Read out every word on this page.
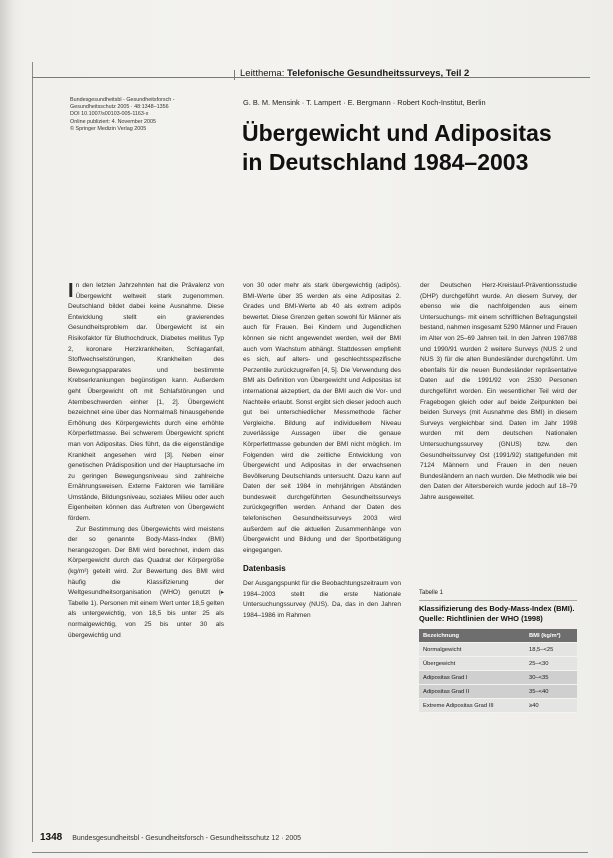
Leitthema: Telefonische Gesundheitssurveys, Teil 2
Bundesgesundheitsbl - Gesundheitsforsch -
Gesundheitsschutz 2005 · 48:1348–1356
DOI 10.1007/s00103-005-1163-x
Online publiziert: 4. November 2005
© Springer Medizin Verlag 2005
G. B. M. Mensink · T. Lampert · E. Bergmann · Robert Koch-Institut, Berlin
Übergewicht und Adipositas
in Deutschland 1984–2003

In den letzten Jahrzehnten hat die Prävalenz von Übergewicht weltweit stark zugenommen. Deutschland bildet dabei keine Ausnahme. Diese Entwicklung stellt ein gravierendes Gesundheitsproblem dar. Übergewicht ist ein Risikofaktor für Bluthochdruck, Diabetes mellitus Typ 2, koronare Herzkrankheiten, Schlaganfall, Stoffwechselstörungen, Krankheiten des Bewegungsapparates und bestimmte Krebserkrankungen begünstigen kann. Außerdem geht Übergewicht oft mit Schlafstörungen und Atembeschwerden einher [1, 2]. Übergewicht bezeichnet eine über das Normalmaß hinausgehende Erhöhung des Körpergewichts durch eine erhöhte Körperfettmasse. Bei schwerem Übergewicht spricht man von Adipositas. Dies führt, da die eigenständige Krankheit angesehen wird [3]. Neben einer genetischen Prädisposition und der Hauptursache im zu geringen Bewegungsniveau sind zahlreiche Ernährungsweisen. Externe Faktoren wie familiäre Umstände, Bildungsniveau, soziales Milieu oder auch Eigenheiten können das Auftreten von Übergewicht fördern.

Zur Bestimmung des Übergewichts wird meistens der so genannte Body-Mass-Index (BMI) herangezogen. Der BMI wird berechnet, indem das Körpergewicht durch das Quadrat der Körpergröße (kg/m²) geteilt wird. Zur Bewertung des BMI wird häufig die Klassifizierung der Weltgesundheitsorganisation (WHO) genutzt (▸ Tabelle 1). Personen mit einem Wert unter 18,5 gelten als untergewichtig, von 18,5 bis unter 25 als normalgewichtig, von 25 bis unter 30 als übergewichtig und

von 30 oder mehr als stark übergewichtig (adipös). BMI-Werte über 35 werden als eine Adipositas 2. Grades und BMI-Werte ab 40 als extrem adipös bewertet. Diese Grenzen gelten sowohl für Männer als auch für Frauen. Bei Kindern und Jugendlichen können sie nicht angewendet werden, weil der BMI auch vom Wachstum abhängt. Stattdessen empfiehlt es sich, auf alters- und geschlechtsspezifische Perzentile zurückzugreifen [4, 5]. Die Verwendung des BMI als Definition von Übergewicht und Adipositas ist international akzeptiert, da der BMI auch die Vor- und Nachteile erlaubt. Sonst ergibt sich dieser jedoch auch gut bei unterschiedlicher Messmethode fächer Vergleiche. Bildung auf individuellem Niveau zuverlässige Aussagen über die genaue Körperfettmasse gebunden der BMI nicht möglich. Im Folgenden wird die zeitliche Entwicklung von Übergewicht und Adipositas in der erwachsenen Bevölkerung Deutschlands untersucht. Dazu kann auf Daten der seit 1984 in mehrjährigen Abständen bundesweit durchgeführten Gesundheitssurveys zurückgegriffen werden. Anhand der Daten des telefonischen Gesundheitssurveys 2003 wird außerdem auf die aktuellen Zusammenhänge von Übergewicht und Bildung und der Sportbetätigung eingegangen.

Datenbasis

Der Ausgangspunkt für die Beobachtungszeitraum von 1984–2003 stellt die erste Nationale Untersuchungssurvey (NUS). Da, das in den Jahren 1984–1986 im Rahmen

der Deutschen Herz-Kreislauf-Präventionsstudie (DHP) durchgeführt wurde. An diesem Survey, der ebenso wie die nachfolgenden aus einem Untersuchungs- mit einem schriftlichen Befragungsteil bestand, nahmen insgesamt 5290 Männer und Frauen im Alter von 25–69 Jahren teil. In den Jahren 1987/88 und 1990/91 wurden 2 weitere Surveys (NUS 2 und NUS 3) für die alten Bundesländer durchgeführt. Um ebenfalls für die neuen Bundesländer repräsentative Daten auf die 1991/92 von 2530 Personen durchgeführt worden. Ein wesentlicher Teil wird der Fragebogen gleich oder auf beide Zeitpunkten bei beiden Surveys (mit Ausnahme des BMI) in diesem Surveys vergleichbar sind. Daten im Jahr 1998 wurden mit dem deutschen Nationalen Untersuchungssurvey (GNUS) bzw. den Gesundheitssurvey Ost (1991/92) stattgefunden mit 7124 Männern und Frauen in den neuen Bundesländern an nach wurden. Die Methodik wie bei den Daten der Altersbereich wurde jedoch auf 18–79 Jahre ausgeweitet.

Tabelle 1
Klassifizierung des Body-Mass-Index (BMI). Quelle: Richtlinien der WHO (1998)
Bezeichnung	BMI (kg/m²)
Normalgewicht	18,5–<25
Übergewicht	25–<30
Adipositas Grad I	30–<35
Adipositas Grad II	35–<40
Extreme Adipositas Grad III	≥40
1348 Bundesgesundheitsbl - Gesundheitsforsch - Gesundheitsschutz 12 · 2005
